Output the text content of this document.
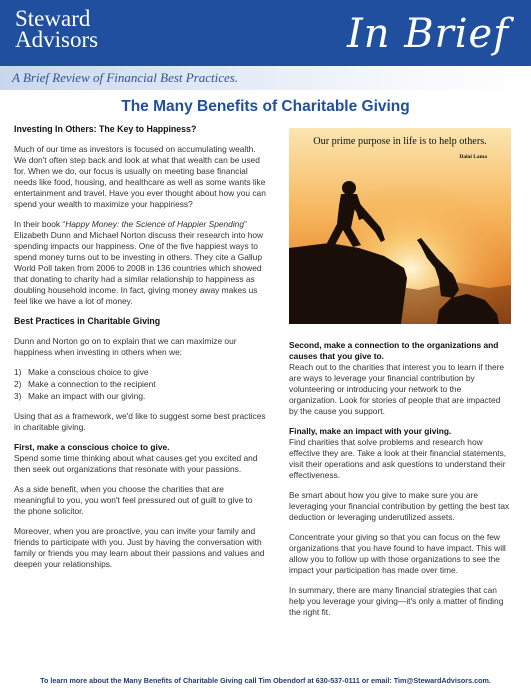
Steward
Advisors	In Brief
A Brief Review of Financial Best Practices.
The Many Benefits of Charitable Giving
Investing In Others: The Key to Happiness?

Much of our time as investors is focused on accumulating wealth. We don't often step back and look at what that wealth can be used for. When we do, our focus is usually on meeting base financial needs like food, housing, and healthcare as well as some wants like entertainment and travel. Have you ever thought about how you can spend your wealth to maximize your happiness?

In their book “Happy Money: the Science of Happier Spending” Elizabeth Dunn and Michael Norton discuss their research into how spending impacts our happiness. One of the five happiest ways to spend money turns out to be investing in others. They cite a Gallup World Poll taken from 2006 to 2008 in 136 countries which showed that donating to charity had a similar relationship to happiness as doubling household income. In fact, giving money away makes us feel like we have a lot of money.

Best Practices in Charitable Giving

Dunn and Norton go on to explain that we can maximize our happiness when investing in others when we:

1) Make a conscious choice to give
2) Make a connection to the recipient
3) Make an impact with our giving.

Using that as a framework, we'd like to suggest some best practices in charitable giving.

First, make a conscious choice to give.
Spend some time thinking about what causes get you excited and then seek out organizations that resonate with your passions.

As a side benefit, when you choose the charities that are meaningful to you, you won't feel pressured out of guilt to give to the phone solicitor.

Moreover, when you are proactive, you can invite your family and friends to participate with you. Just by having the conversation with family or friends you may learn about their passions and values and deepen your relationships.

Our prime purpose in life is to help others.
Dalai Lama

Second, make a connection to the organizations and causes that you give to.
Reach out to the charities that interest you to learn if there are ways to leverage your financial contribution by volunteering or introducing your network to the organization. Look for stories of people that are impacted by the cause you support.

Finally, make an impact with your giving.
Find charities that solve problems and research how effective they are. Take a look at their financial statements, visit their operations and ask questions to understand their effectiveness.

Be smart about how you give to make sure you are leveraging your financial contribution by getting the best tax deduction or leveraging underutilized assets.

Concentrate your giving so that you can focus on the few organizations that you have found to have impact. This will allow you to follow up with those organizations to see the impact your participation has made over time.

In summary, there are many financial strategies that can help you leverage your giving—it's only a matter of finding the right fit.

To learn more about the Many Benefits of Charitable Giving call Tim Obendorf at 630-537-0111 or email: Tim@StewardAdvisors.com.
